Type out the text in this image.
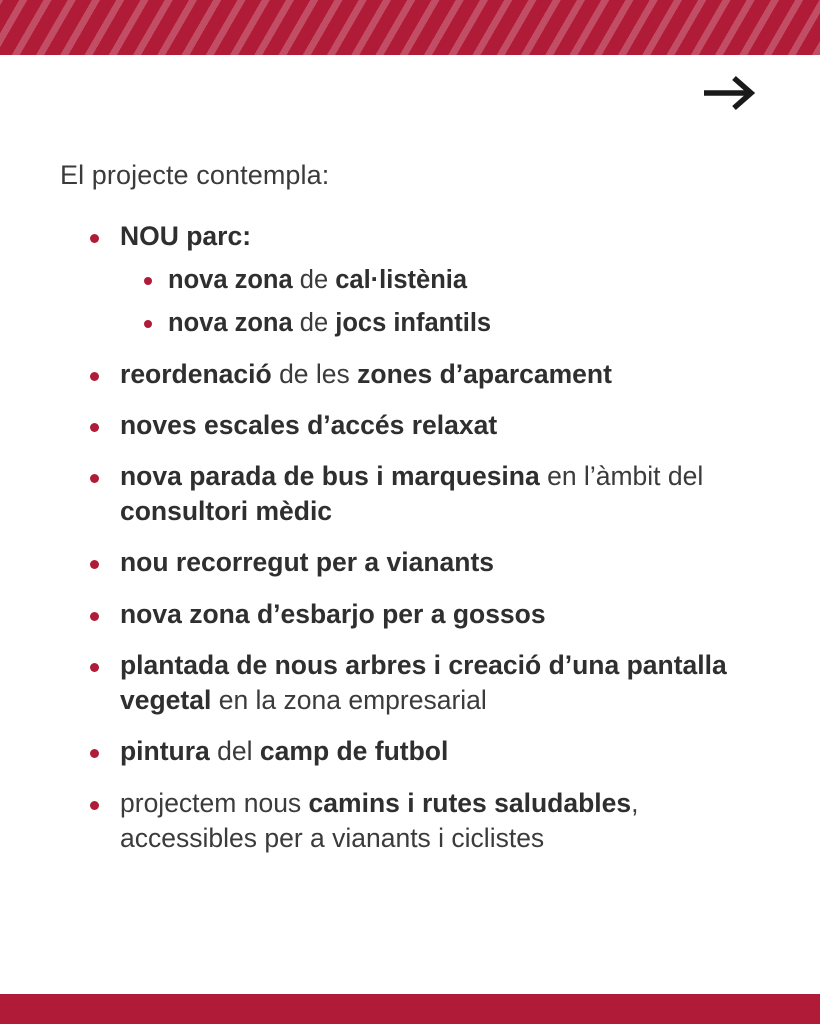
El projecte contempla:

NOU parc:
nova zona de cal·listènia
nova zona de jocs infantils
reordenació de les zones d’aparcament
noves escales d’accés relaxat
nova parada de bus i marquesina en l’àmbit del consultori mèdic
nou recorregut per a vianants
nova zona d’esbarjo per a gossos
plantada de nous arbres i creació d’una pantalla vegetal en la zona empresarial
pintura del camp de futbol
projectem nous camins i rutes saludables, accessibles per a vianants i ciclistes
